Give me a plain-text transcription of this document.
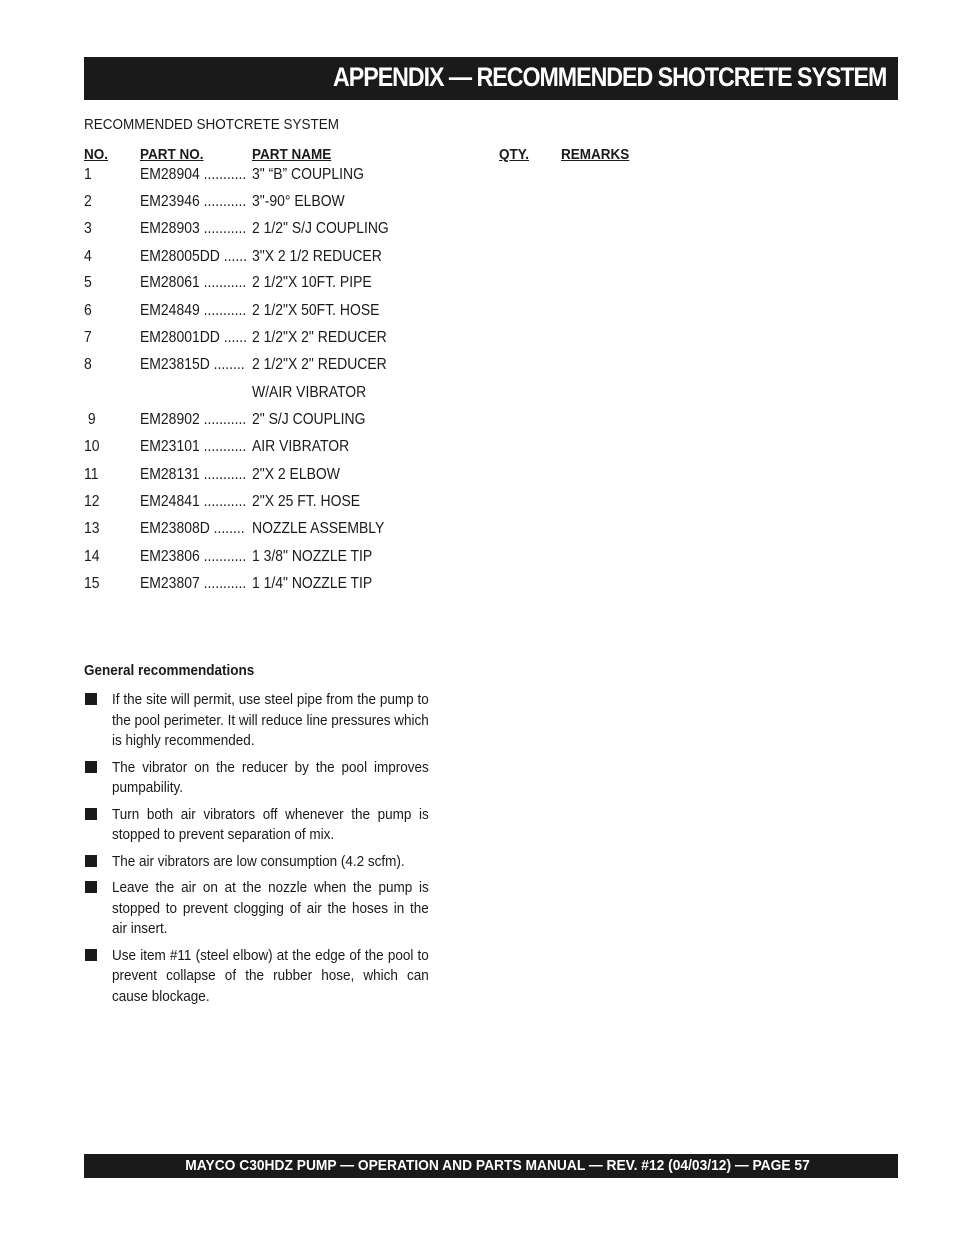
APPENDIX — RECOMMENDED SHOTCRETE SYSTEM
RECOMMENDED SHOTCRETE SYSTEM
NO. PART NO.	PART NAME	QTY. REMARKS
1	EM28904 ........... 3" “B” COUPLING
2	EM23946 ........... 3"-90° ELBOW
3	EM28903 ........... 2 1/2" S/J COUPLING
4	EM28005DD ...... 3"X 2 1/2 REDUCER
5	EM28061 ........... 2 1/2"X 10FT. PIPE
6	EM24849 ........... 2 1/2"X 50FT. HOSE
7	EM28001DD ...... 2 1/2"X 2" REDUCER
8	EM23815D ........ 2 1/2"X 2" REDUCER
W/AIR VIBRATOR
9	EM28902 ........... 2" S/J COUPLING
10	EM23101 ........... AIR VIBRATOR
11	EM28131 ........... 2"X 2 ELBOW
12	EM24841 ........... 2"X 25 FT. HOSE
13	EM23808D ........ NOZZLE ASSEMBLY
14	EM23806 ........... 1 3/8" NOZZLE TIP
15	EM23807 ........... 1 1/4" NOZZLE TIP
General recommendations
If the site will permit, use steel pipe from the pump to the pool perimeter. It will reduce line pressures which is highly recommended.
The vibrator on the reducer by the pool improves pumpability.
Turn both air vibrators off whenever the pump is stopped to prevent separation of mix.
The air vibrators are low consumption (4.2 scfm).
Leave the air on at the nozzle when the pump is stopped to prevent clogging of air the hoses in the air insert.
Use item #11 (steel elbow) at the edge of the pool to prevent collapse of the rubber hose, which can cause blockage.
MAYCO C30HDZ PUMP — OPERATION AND PARTS MANUAL — REV. #12 (04/03/12) — PAGE 57
